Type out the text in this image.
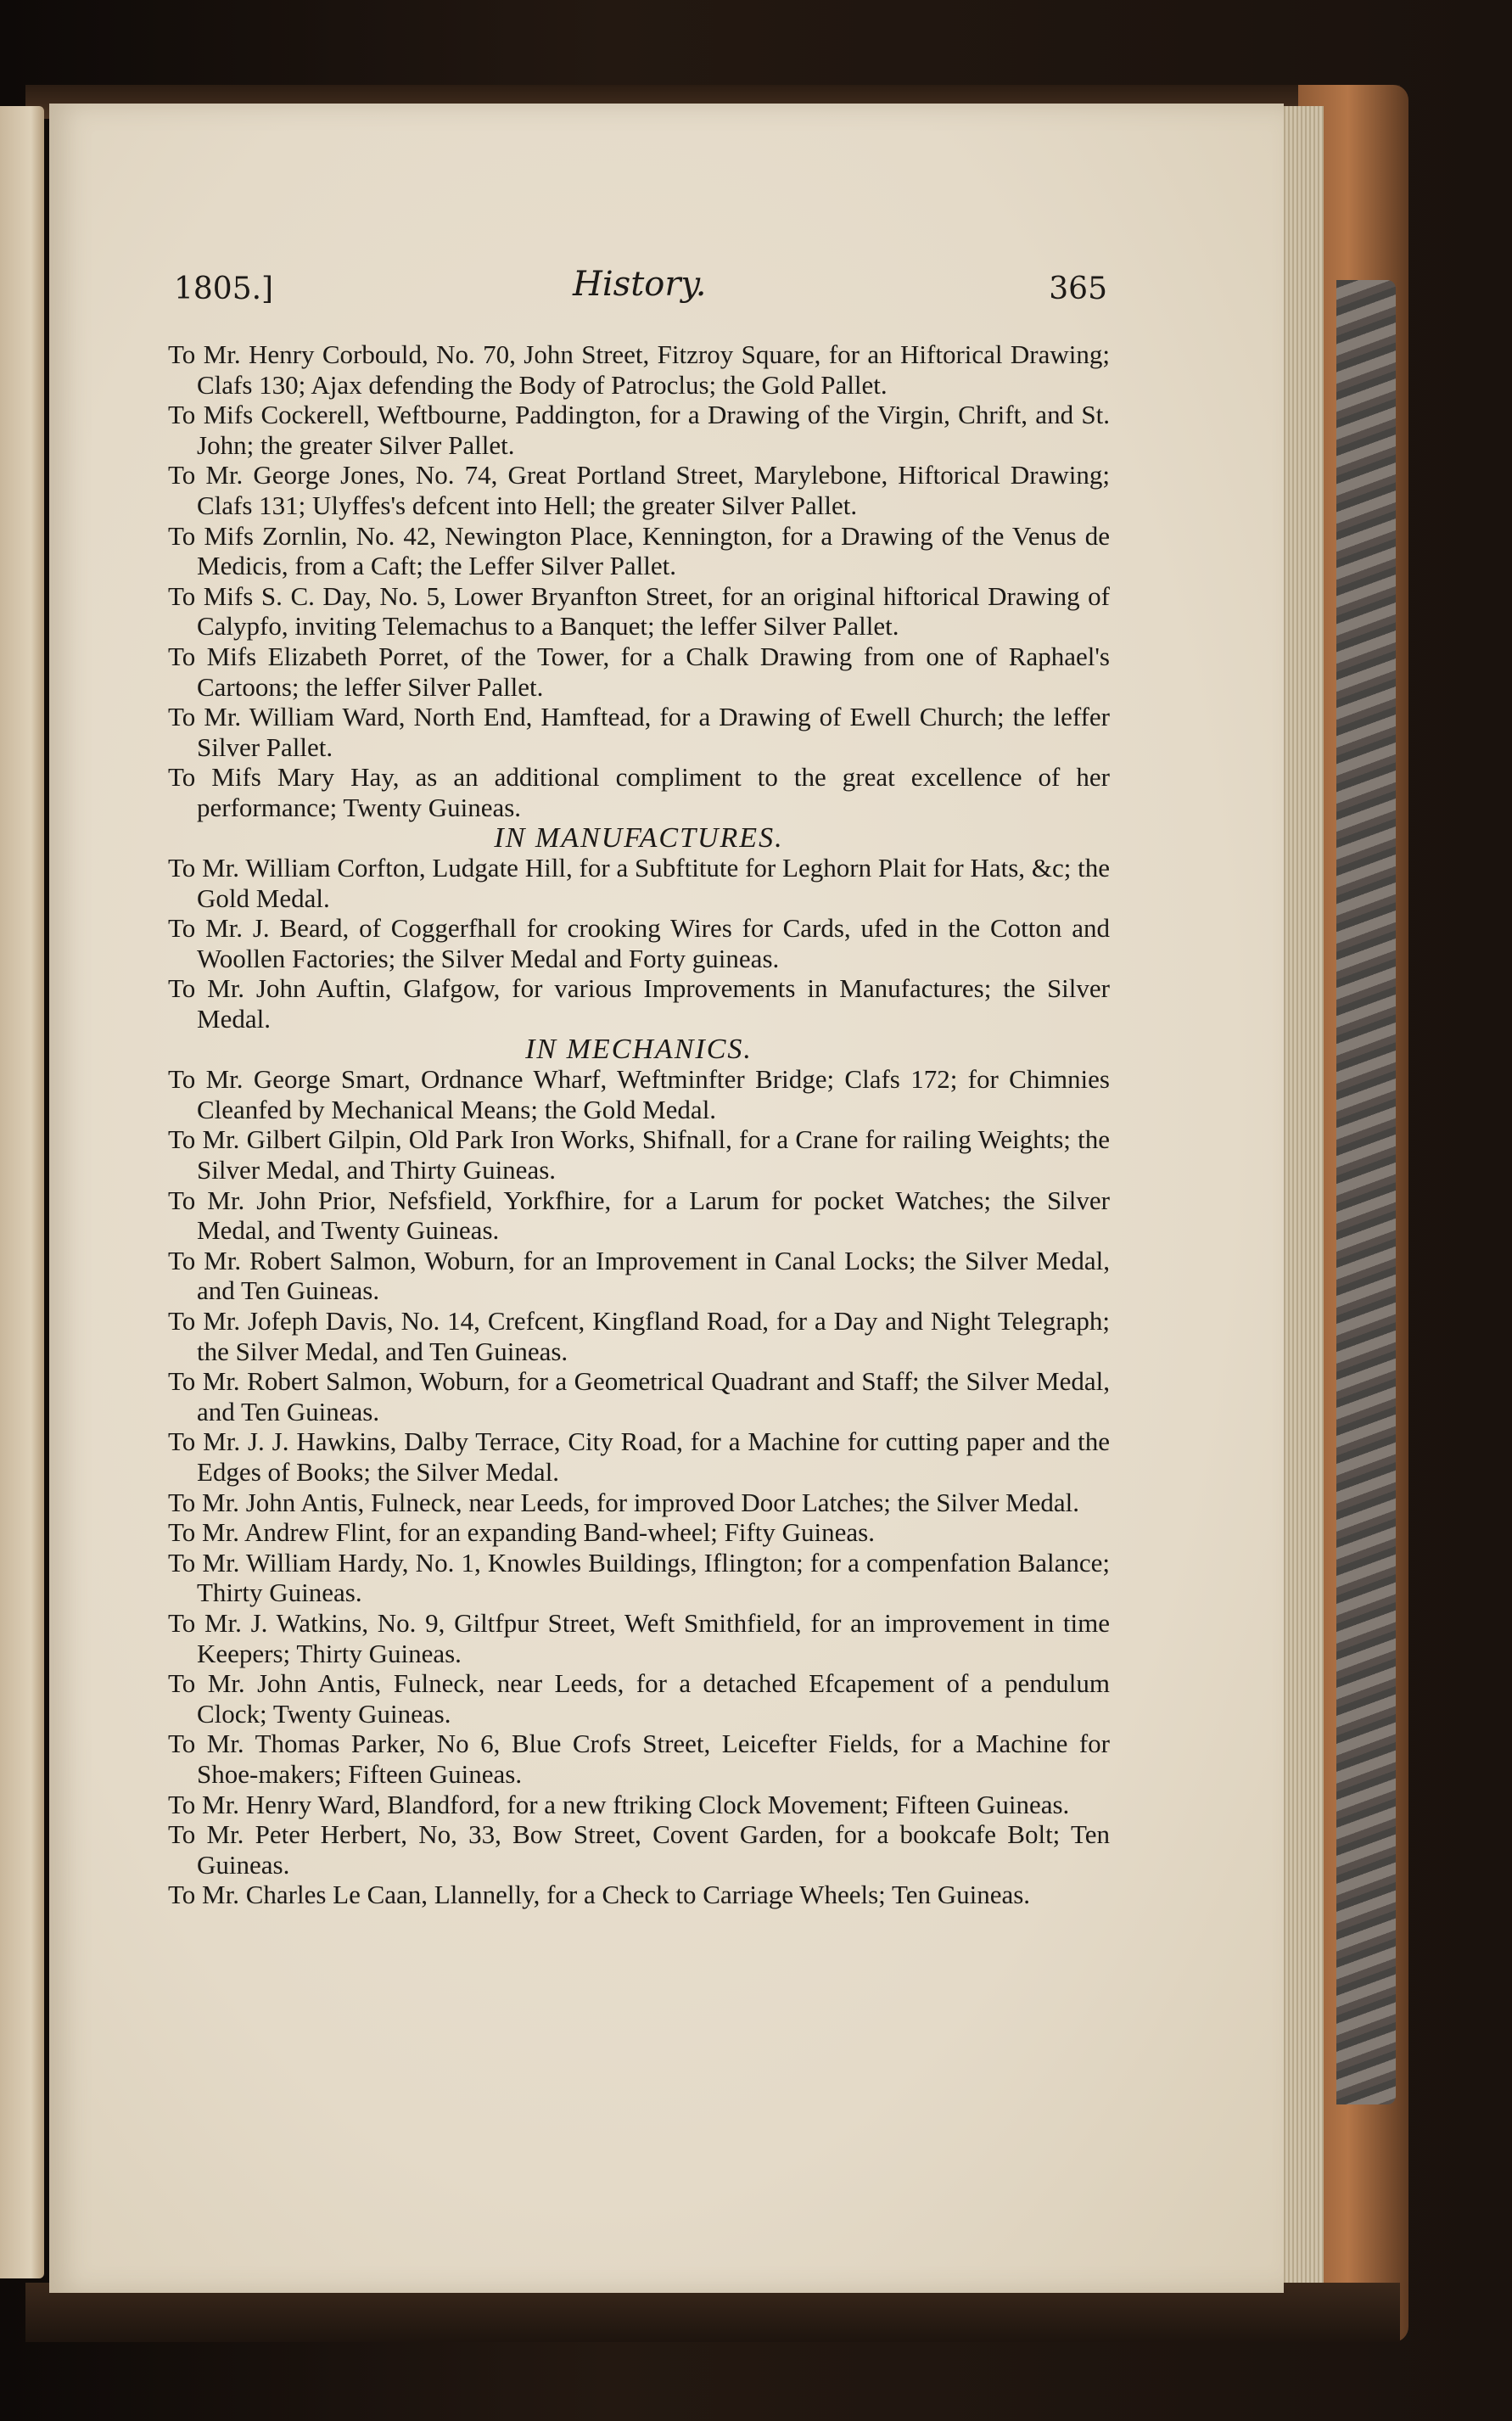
1805.]	History.	365

To Mr. Henry Corbould, No. 70, John Street, Fitzroy Square, for an Hiftorical Drawing; Clafs 130; Ajax defending the Body of Patroclus; the Gold Pallet.

To Mifs Cockerell, Weftbourne, Paddington, for a Drawing of the Virgin, Chrift, and St. John; the greater Silver Pallet.

To Mr. George Jones, No. 74, Great Portland Street, Marylebone, Hiftorical Drawing; Clafs 131; Ulyffes's defcent into Hell; the greater Silver Pallet.

To Mifs Zornlin, No. 42, Newington Place, Kennington, for a Drawing of the Venus de Medicis, from a Caft; the Leffer Silver Pallet.

To Mifs S. C. Day, No. 5, Lower Bryanfton Street, for an original hiftorical Drawing of Calypfo, inviting Telemachus to a Banquet; the leffer Silver Pallet.

To Mifs Elizabeth Porret, of the Tower, for a Chalk Drawing from one of Raphael's Cartoons; the leffer Silver Pallet.

To Mr. William Ward, North End, Hamftead, for a Drawing of Ewell Church; the leffer Silver Pallet.

To Mifs Mary Hay, as an additional compliment to the great excellence of her performance; Twenty Guineas.

IN MANUFACTURES.

To Mr. William Corfton, Ludgate Hill, for a Subftitute for Leghorn Plait for Hats, &c; the Gold Medal.

To Mr. J. Beard, of Coggerfhall for crooking Wires for Cards, ufed in the Cotton and Woollen Factories; the Silver Medal and Forty guineas.

To Mr. John Auftin, Glafgow, for various Improvements in Manufactures; the Silver Medal.

IN MECHANICS.

To Mr. George Smart, Ordnance Wharf, Weftminfter Bridge; Clafs 172; for Chimnies Cleanfed by Mechanical Means; the Gold Medal.

To Mr. Gilbert Gilpin, Old Park Iron Works, Shifnall, for a Crane for railing Weights; the Silver Medal, and Thirty Guineas.

To Mr. John Prior, Nefsfield, Yorkfhire, for a Larum for pocket Watches; the Silver Medal, and Twenty Guineas.

To Mr. Robert Salmon, Woburn, for an Improvement in Canal Locks; the Silver Medal, and Ten Guineas.

To Mr. Jofeph Davis, No. 14, Crefcent, Kingfland Road, for a Day and Night Telegraph; the Silver Medal, and Ten Guineas.

To Mr. Robert Salmon, Woburn, for a Geometrical Quadrant and Staff; the Silver Medal, and Ten Guineas.

To Mr. J. J. Hawkins, Dalby Terrace, City Road, for a Machine for cutting paper and the Edges of Books; the Silver Medal.

To Mr. John Antis, Fulneck, near Leeds, for improved Door Latches; the Silver Medal.

To Mr. Andrew Flint, for an expanding Band-wheel; Fifty Guineas.

To Mr. William Hardy, No. 1, Knowles Buildings, Iflington; for a compenfation Balance; Thirty Guineas.

To Mr. J. Watkins, No. 9, Giltfpur Street, Weft Smithfield, for an improvement in time Keepers; Thirty Guineas.

To Mr. John Antis, Fulneck, near Leeds, for a detached Efcapement of a pendulum Clock; Twenty Guineas.

To Mr. Thomas Parker, No 6, Blue Crofs Street, Leicefter Fields, for a Machine for Shoe-makers; Fifteen Guineas.

To Mr. Henry Ward, Blandford, for a new ftriking Clock Movement; Fifteen Guineas.

To Mr. Peter Herbert, No, 33, Bow Street, Covent Garden, for a bookcafe Bolt; Ten Guineas.

To Mr. Charles Le Caan, Llannelly, for a Check to Carriage Wheels; Ten Guineas.
